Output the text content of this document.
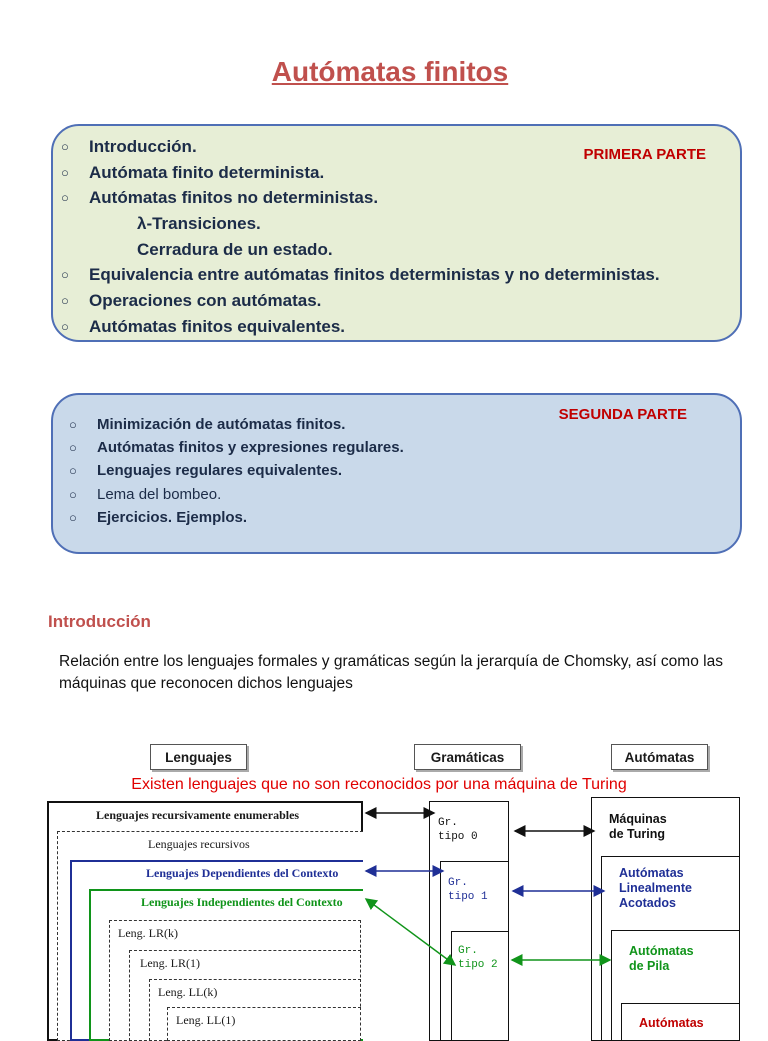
Autómatas finitos
PRIMERA PARTE
○ Introducción.
○ Autómata finito determinista.
○ Autómatas finitos no deterministas.
λ-Transiciones.
Cerradura de un estado.
○ Equivalencia entre autómatas finitos deterministas y no deterministas.
○ Operaciones con autómatas.
○ Autómatas finitos equivalentes.
SEGUNDA PARTE
○ Minimización de autómatas finitos.
○ Autómatas finitos y expresiones regulares.
○ Lenguajes regulares equivalentes.
○ Lema del bombeo.
○ Ejercicios. Ejemplos.
Introducción
Relación entre los lenguajes formales y gramáticas según la jerarquía de Chomsky, así como las máquinas que reconocen dichos lenguajes
Lenguajes	Gramáticas	Autómatas
Existen lenguajes que no son reconocidos por una máquina de Turing
Lenguajes recursivamente enumerables
Lenguajes recursivos
Lenguajes Dependientes del Contexto
Lenguajes Independientes del Contexto
Leng. LR(k)
Leng. LR(1)
Leng. LL(k)
Leng. LL(1)
Gr.
tipo 0
Gr.
tipo 1
Gr.
tipo 2
Máquinas
de Turing
Autómatas
Linealmente
Acotados
Autómatas
de Pila
Autómatas
